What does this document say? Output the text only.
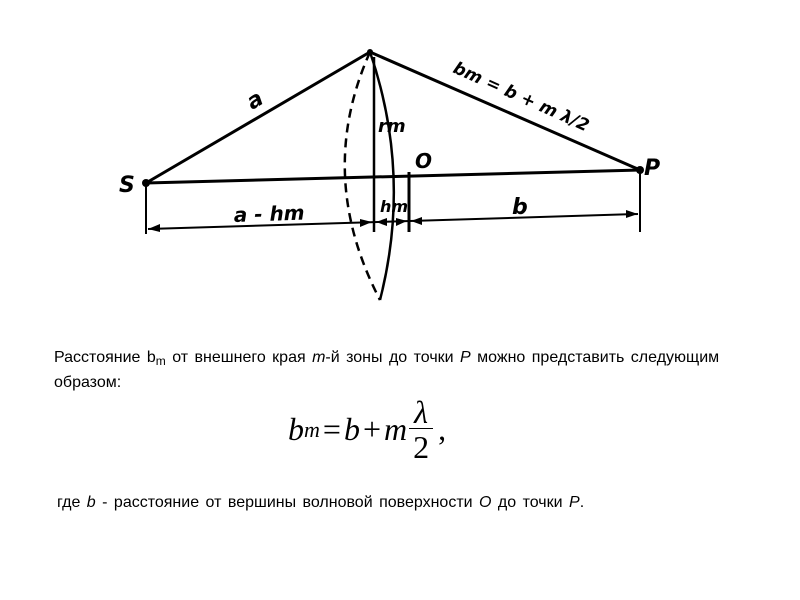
S
P
O
a
rm
hm
a - hm	b
bm = b + m λ/2
Расстояние $b_m$ от внешнего края m-й зоны до точки P можно представить следующим образом:
b m = b + m $\frac{\lambda}{2}$ ,
где b - расстояние от вершины волновой поверхности O до точки P.
